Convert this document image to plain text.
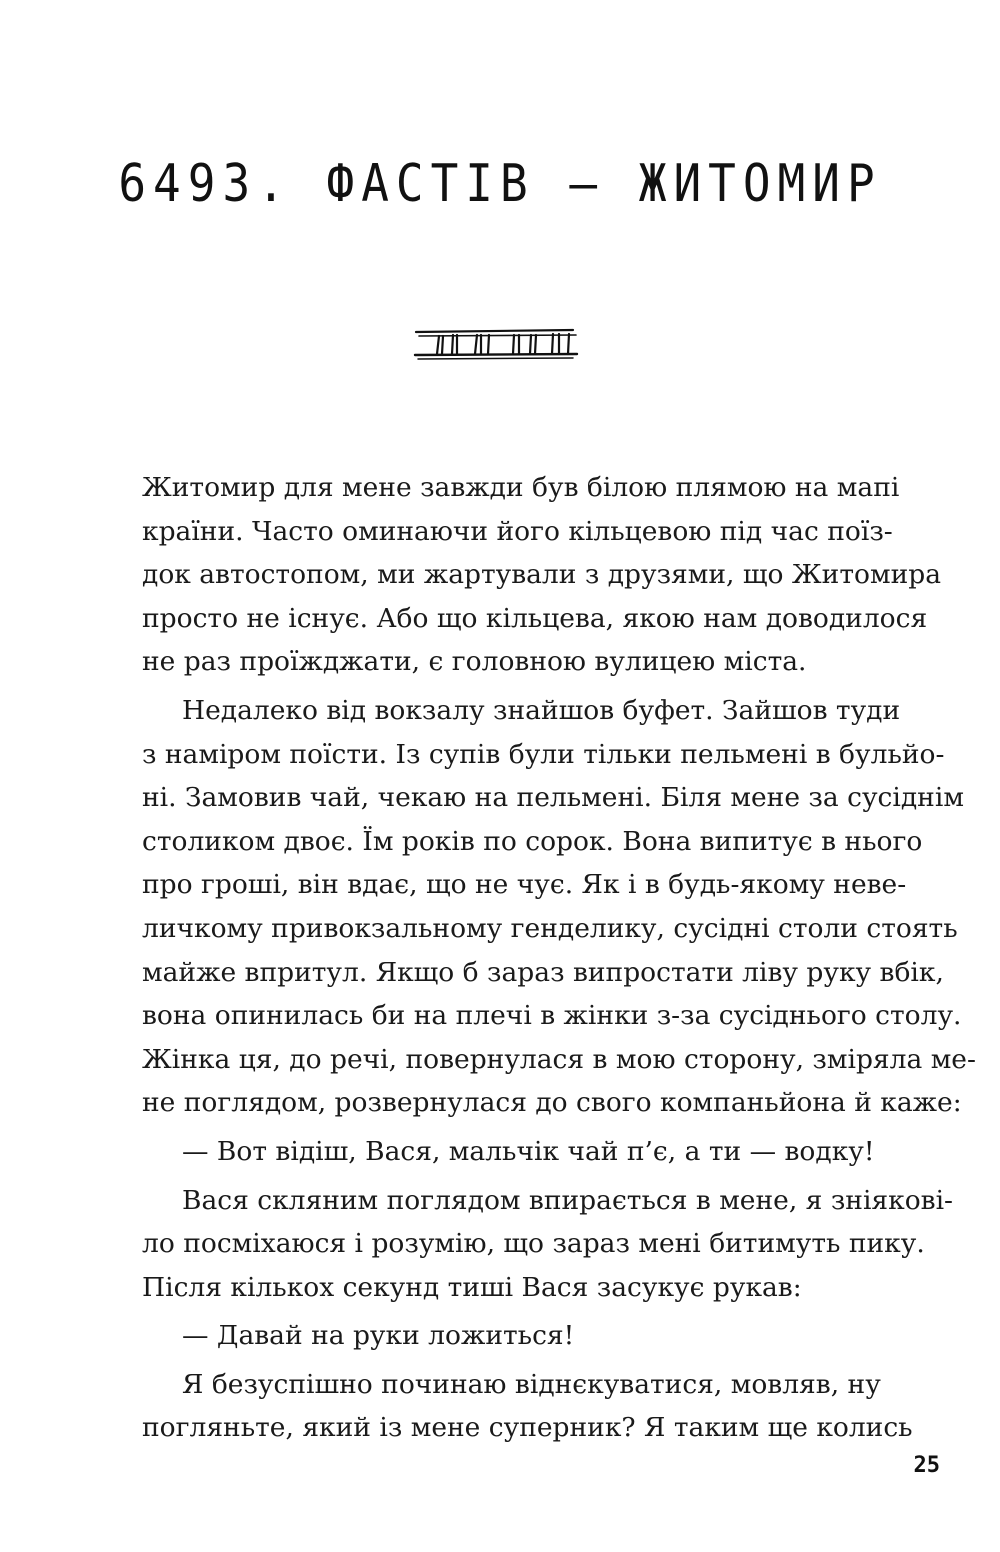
6493. ФАСТІВ — ЖИТОМИР
Житомир для мене завжди був білою плямою на мапі
країни. Часто оминаючи його кільцевою під час поїз-
док автостопом, ми жартували з друзями, що Житомира
просто не існує. Або що кільцева, якою нам доводилося
не раз проїжджати, є головною вулицею міста.
Недалеко від вокзалу знайшов буфет. Зайшов туди
з наміром поїсти. Із супів були тільки пельмені в бульйо-
ні. Замовив чай, чекаю на пельмені. Біля мене за сусіднім
столиком двоє. Їм років по сорок. Вона випитує в нього
про гроші, він вдає, що не чує. Як і в будь-якому неве-
личкому привокзальному генделику, сусідні столи стоять
майже впритул. Якщо б зараз випростати ліву руку вбік,
вона опинилась би на плечі в жінки з-за сусіднього столу.
Жінка ця, до речі, повернулася в мою сторону, зміряла ме-
не поглядом, розвернулася до свого компаньйона й каже:
— Вот відіш, Вася, мальчік чай п’є, а ти — водку!
Вася скляним поглядом впирається в мене, я зніякові-
ло посміхаюся і розумію, що зараз мені битимуть пику.
Після кількох секунд тиші Вася засукує рукав:
— Давай на руки ложиться!
Я безуспішно починаю віднєкуватися, мовляв, ну
погляньте, який із мене суперник? Я таким ще колись
25
